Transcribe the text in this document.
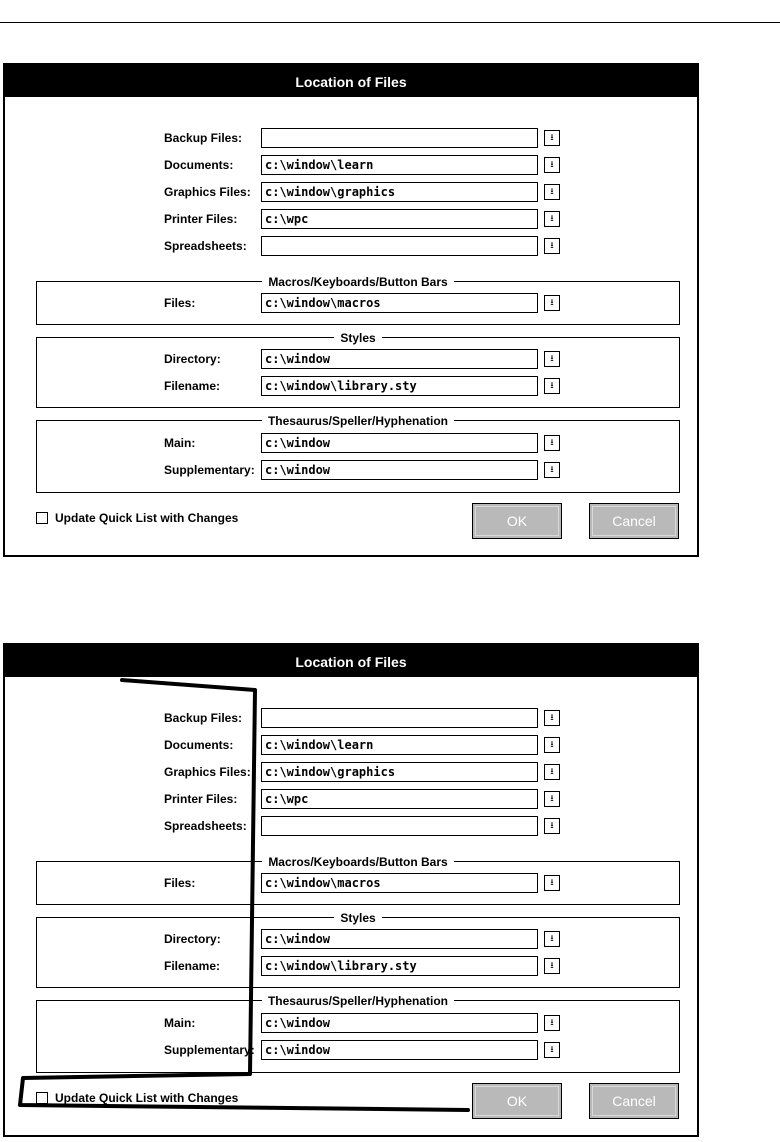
Location of Files
Backup Files:	⭳
Documents:	c:\window\learn	⭳
Graphics Files:	c:\window\graphics	⭳
Printer Files:	c:\wpc	⭳
Spreadsheets:	⭳
Macros/Keyboards/Button Bars
Files:	c:\window\macros	⭳
Styles
Directory:	c:\window	⭳
Filename:	c:\window\library.sty	⭳
Thesaurus/Speller/Hyphenation
Main:	c:\window	⭳
Supplementary: c:\window	⭳
Update Quick List with Changes	OK	Cancel
Location of Files
Backup Files:	⭳
Documents:	c:\window\learn	⭳
Graphics Files:	c:\window\graphics	⭳
Printer Files:	c:\wpc	⭳
Spreadsheets:	⭳
Macros/Keyboards/Button Bars
Files:	c:\window\macros	⭳
Styles
Directory:	c:\window	⭳
Filename:	c:\window\library.sty	⭳
Thesaurus/Speller/Hyphenation
Main:	c:\window	⭳
Supplementary: c:\window	⭳
Update Quick List with Changes	OK	Cancel
